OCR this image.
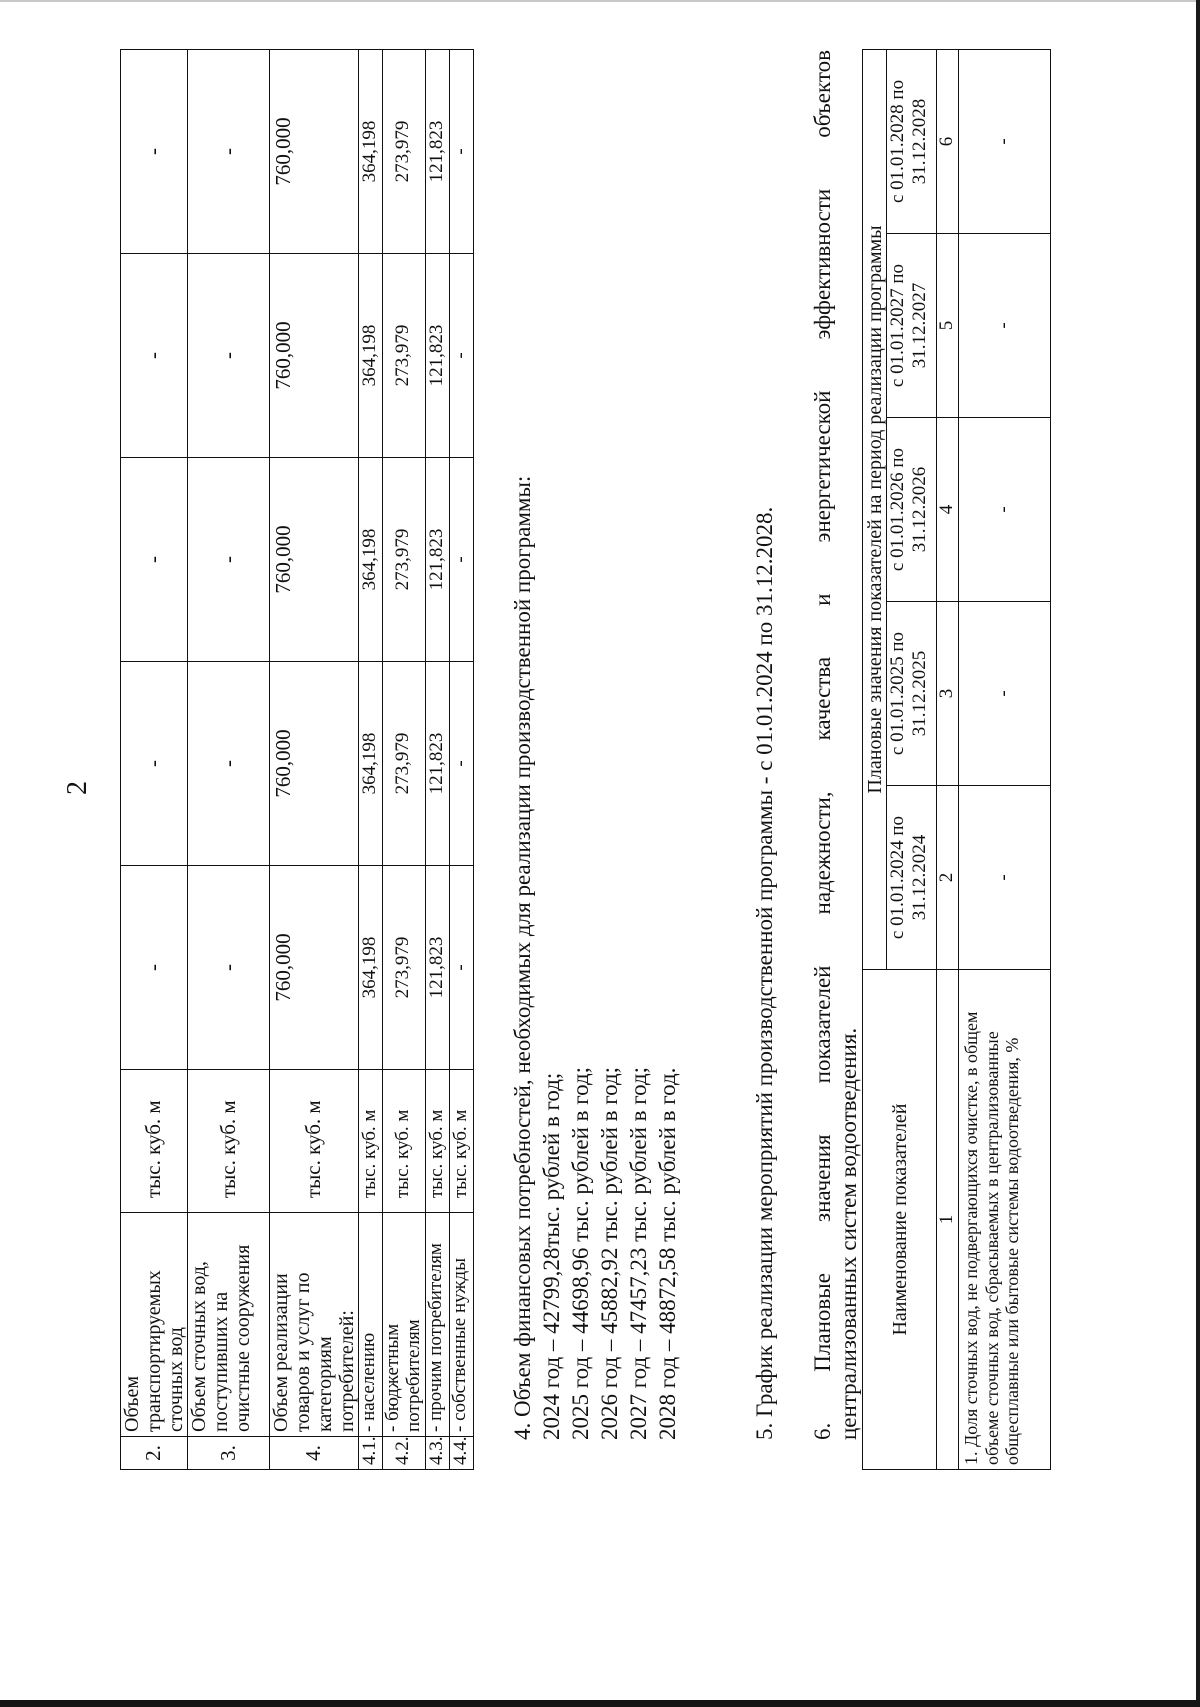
2
2.	Объем транспортируемых сточных вод	тыс. куб. м	-	-	-	-	-
3.	Объем сточных вод, поступивших на очистные сооружения	тыс. куб. м	-	-	-	-	-
4.	Объем реализации товаров и услуг по категориям потребителей:	тыс. куб. м	760,000	760,000	760,000	760,000	760,000
4.1.	- населению	тыс. куб. м	364,198	364,198	364,198	364,198	364,198
4.2.	- бюджетным потребителям	тыс. куб. м	273,979	273,979	273,979	273,979	273,979
4.3.	- прочим потребителям	тыс. куб. м	121,823	121,823	121,823	121,823	121,823
4.4.	- собственные нужды	тыс. куб. м	-	-	-	-	-
4. Объем финансовых потребностей, необходимых для реализации производственной программы: 2024 год – 42799,28тыс. рублей в год; 2025 год – 44698,96 тыс. рублей в год; 2026 год – 45882,92 тыс. рублей в год; 2027 год – 47457,23 тыс. рублей в год; 2028 год – 48872,58 тыс. рублей в год.	5. График реализации мероприятий производственной программы - с 01.01.2024 по 31.12.2028. 6.
Плановые
значения
показателей
надежности,
качества
и
энергетической
эффективности
объектов
централизованных систем водоотведения. Наименование показателей	Плановые значения показателей на период реализации программы				
	с 01.01.2024 по 31.12.2024	с 01.01.2025 по 31.12.2025	с 01.01.2026 по 31.12.2026	с 01.01.2027 по 31.12.2027	с 01.01.2028 по 31.12.2028
1	2	3	4	5	6
1. Доля сточных вод, не подвергающихся очистке, в общем объеме сточных вод, сбрасываемых в централизованные общесплавные или бытовые системы водоотведения, %	-	-	-	-	-
